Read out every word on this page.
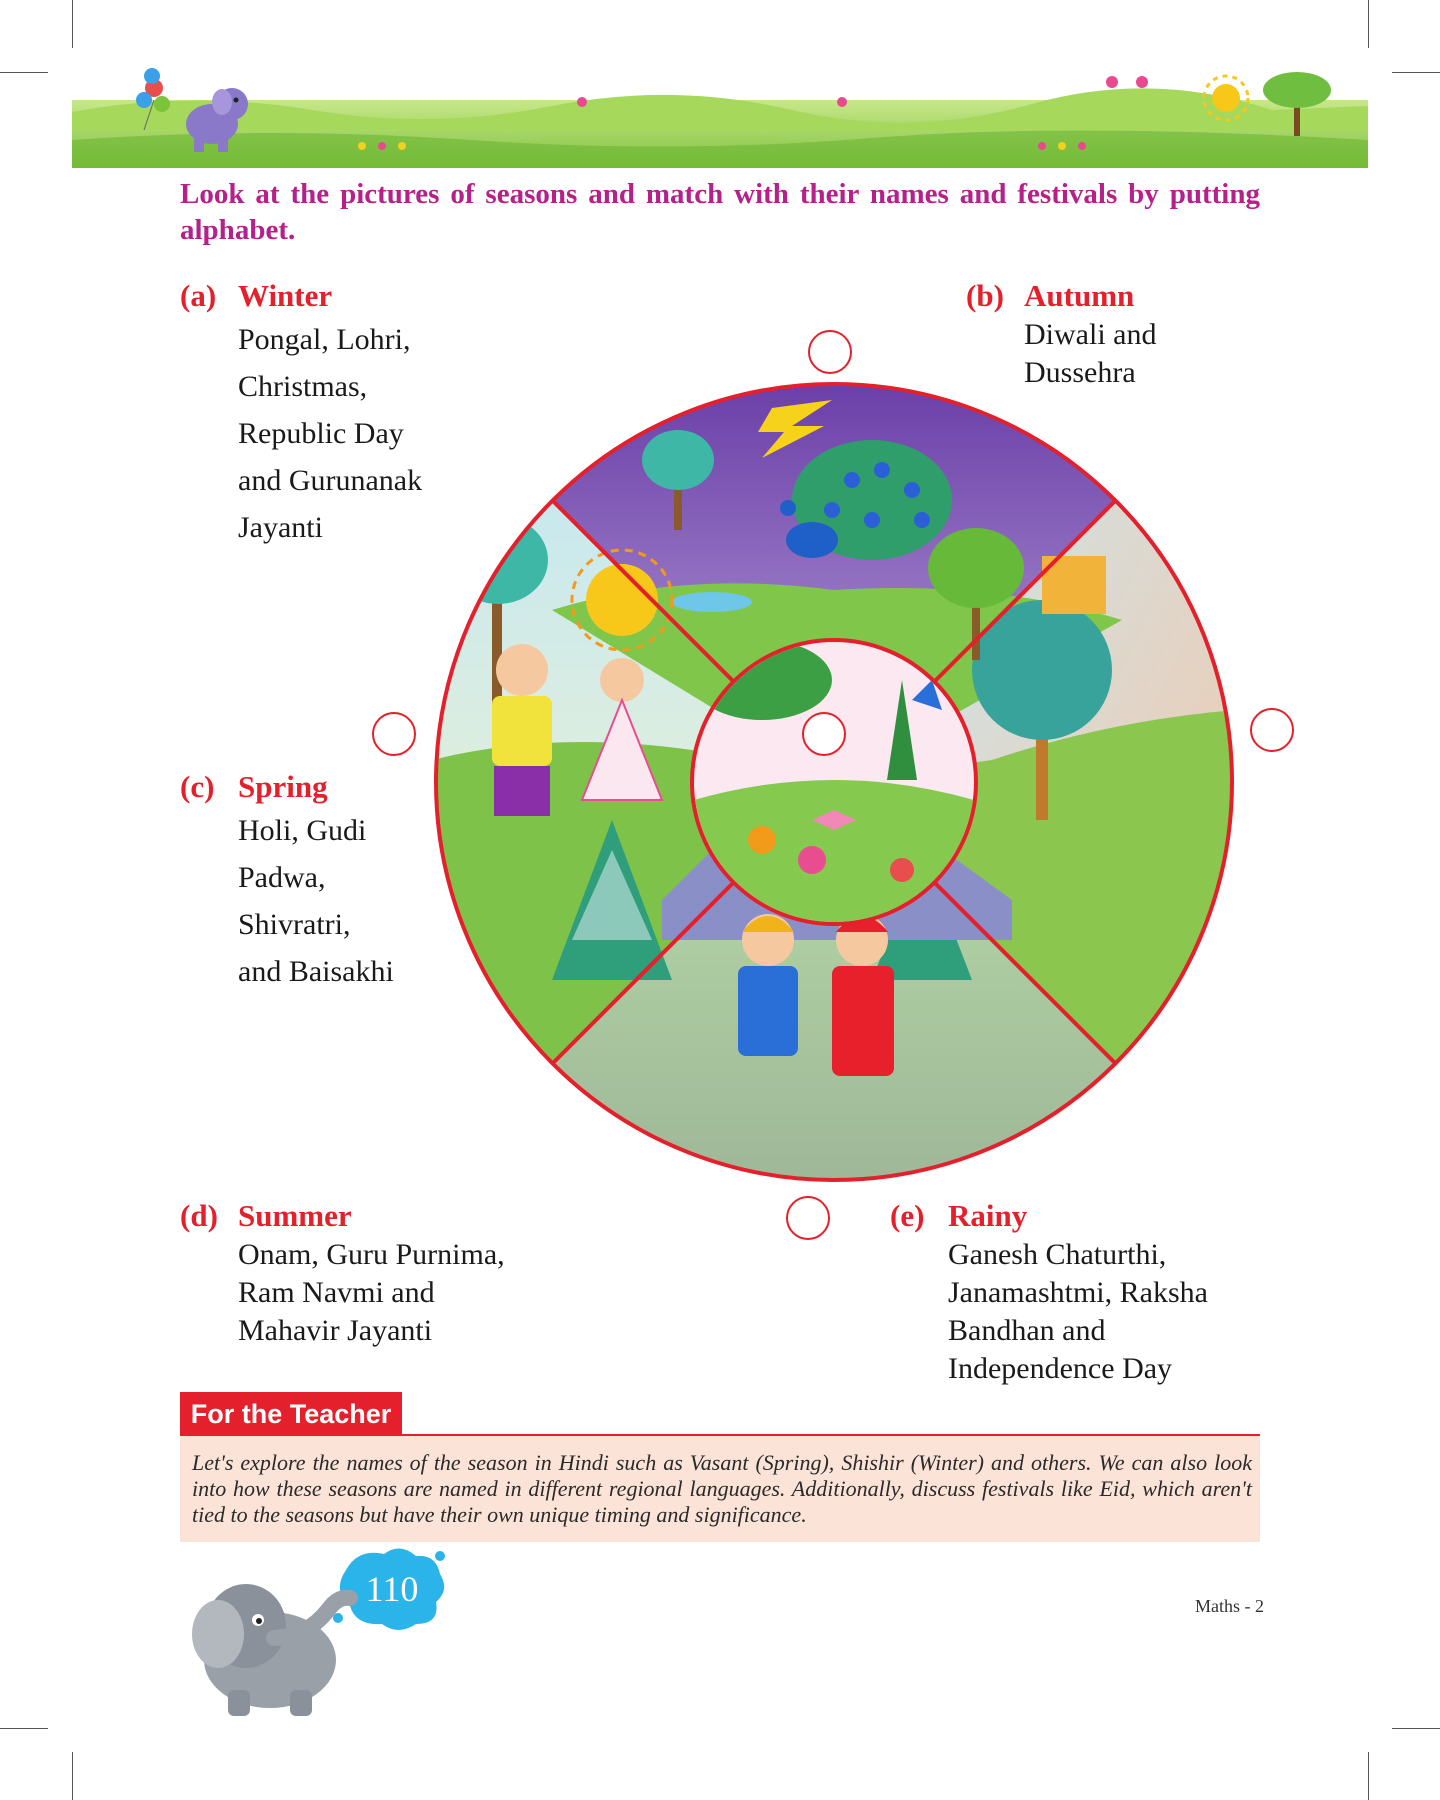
Look at the pictures of seasons and match with their names and festivals by putting alphabet.
(a) Winter
Pongal, Lohri,
Christmas,
Republic Day
and Gurunanak
Jayanti
(b) Autumn
Diwali and
Dussehra
(c) Spring
Holi, Gudi
Padwa,
Shivratri,
and Baisakhi
(d) Summer
Onam, Guru Purnima,
Ram Navmi and
Mahavir Jayanti
(e) Rainy
Ganesh Chaturthi,
Janamashtmi, Raksha
Bandhan and
Independence Day
For the Teacher
Let's explore the names of the season in Hindi such as Vasant (Spring), Shishir (Winter) and others. We can also look into how these seasons are named in different regional languages. Additionally, discuss festivals like Eid, which aren't tied to the seasons but have their own unique timing and significance.
110	Maths - 2
